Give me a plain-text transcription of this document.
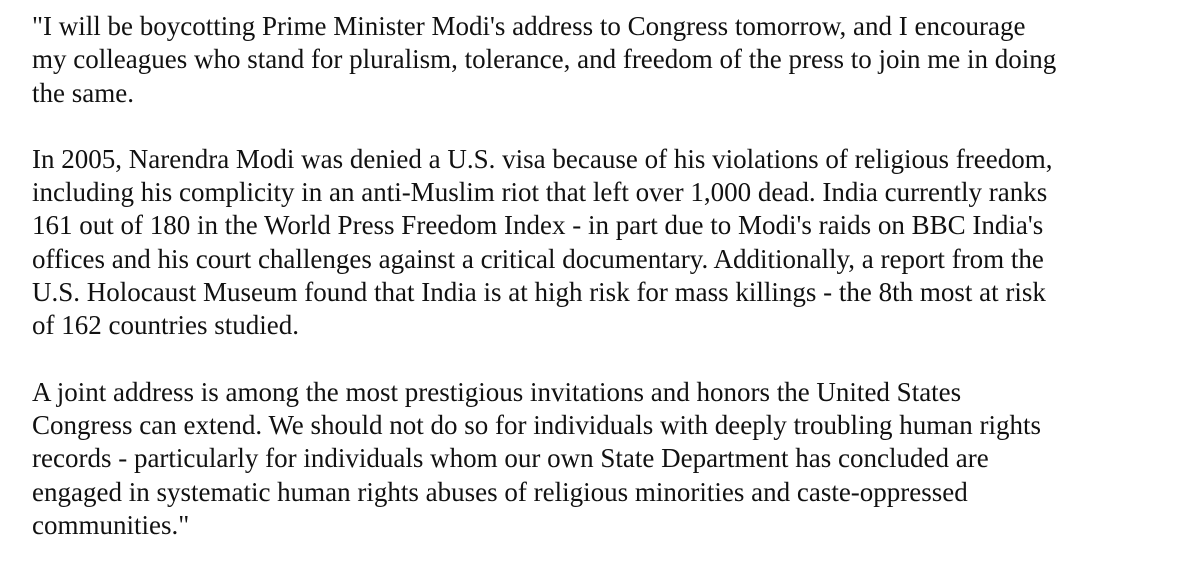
"I will be boycotting Prime Minister Modi's address to Congress tomorrow, and I encourage
my colleagues who stand for pluralism, tolerance, and freedom of the press to join me in doing
the same.

In 2005, Narendra Modi was denied a U.S. visa because of his violations of religious freedom,
including his complicity in an anti-Muslim riot that left over 1,000 dead. India currently ranks
161 out of 180 in the World Press Freedom Index - in part due to Modi's raids on BBC India's
offices and his court challenges against a critical documentary. Additionally, a report from the
U.S. Holocaust Museum found that India is at high risk for mass killings - the 8th most at risk
of 162 countries studied.

A joint address is among the most prestigious invitations and honors the United States
Congress can extend. We should not do so for individuals with deeply troubling human rights
records - particularly for individuals whom our own State Department has concluded are
engaged in systematic human rights abuses of religious minorities and caste-oppressed
communities."
